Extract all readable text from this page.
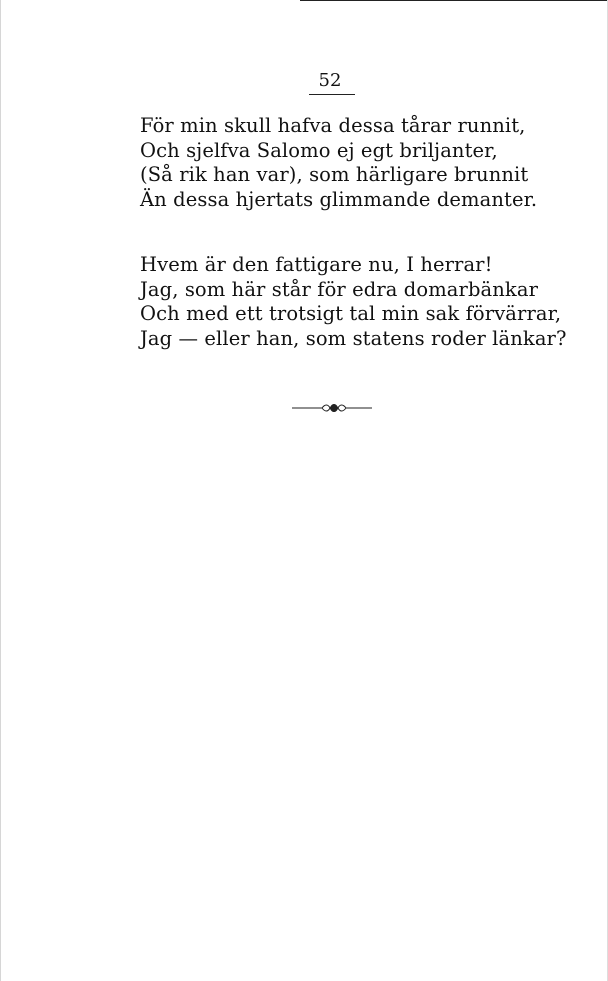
52
För min skull hafva dessa tårar runnit,
Och sjelfva Salomo ej egt briljanter,
(Så rik han var), som härligare brunnit
Än dessa hjertats glimmande demanter.
Hvem är den fattigare nu, I herrar!
Jag, som här står för edra domarbänkar
Och med ett trotsigt tal min sak förvärrar,
Jag — eller han, som statens roder länkar?
